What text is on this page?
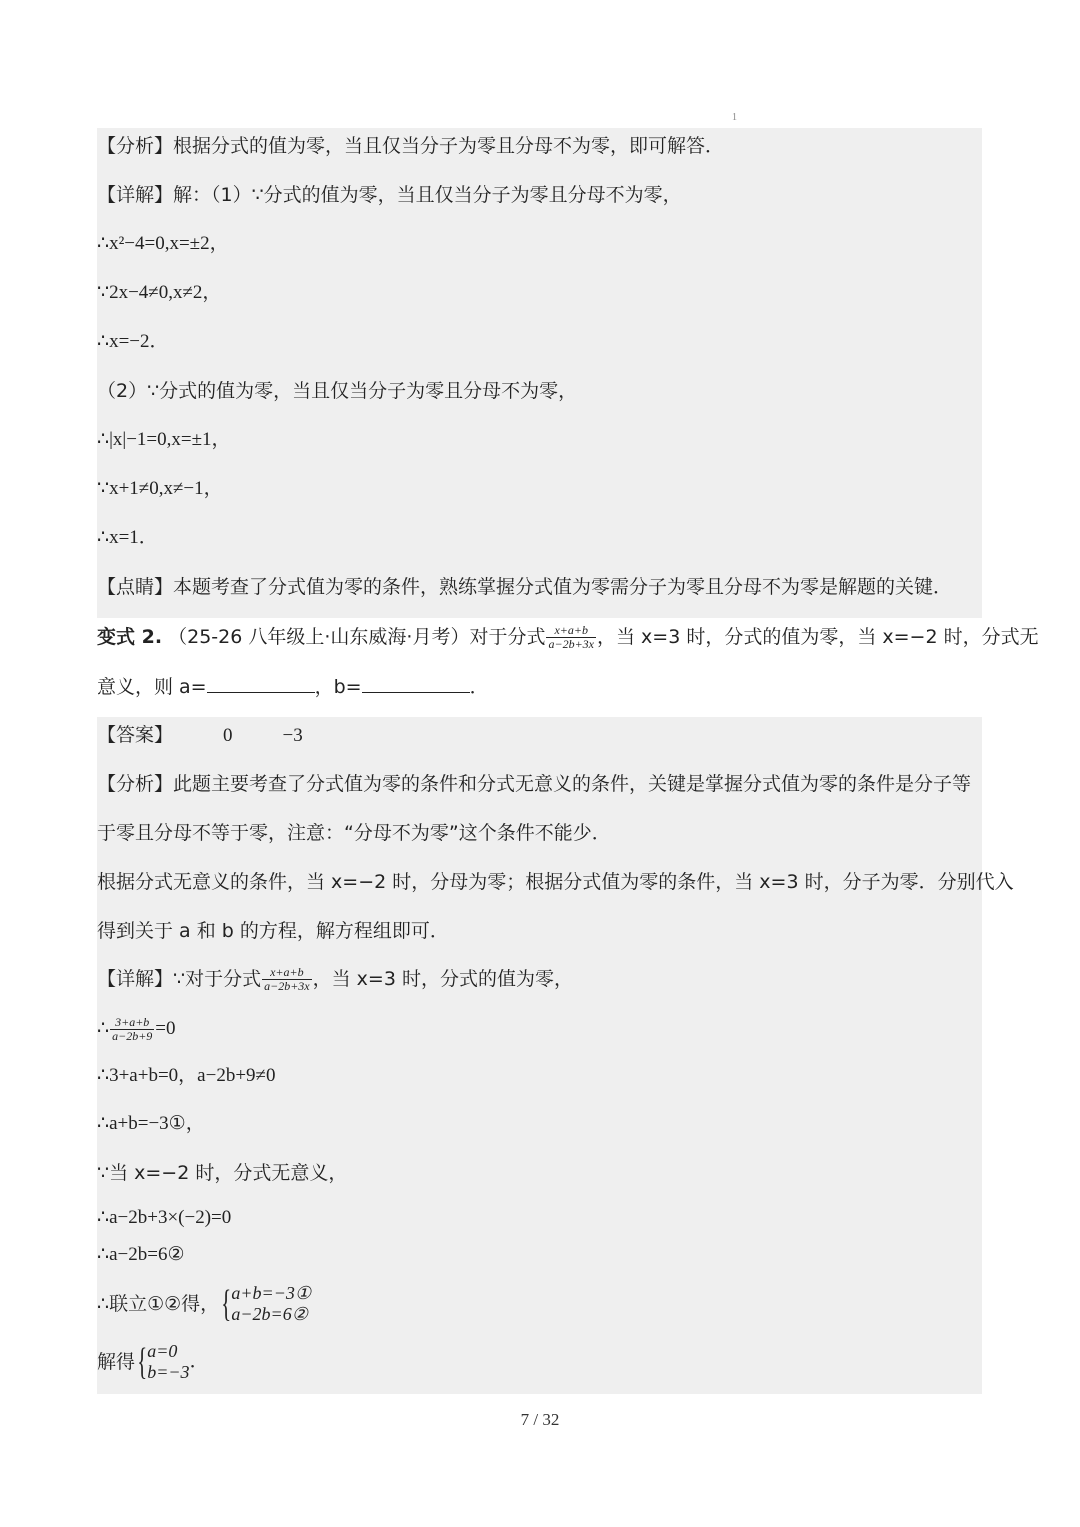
1
【分析】根据分式的值为零，当且仅当分子为零且分母不为零，即可解答．
【详解】解：（1）∵分式的值为零，当且仅当分子为零且分母不为零，
∴x²−4=0,x=±2，
∵2x−4≠0,x≠2，
∴x=−2．
（2）∵分式的值为零，当且仅当分子为零且分母不为零，
∴|x|−1=0,x=±1，
∵x+1≠0,x≠−1，
∴x=1．
【点睛】本题考查了分式值为零的条件，熟练掌握分式值为零需分子为零且分母不为零是解题的关键．
变式 2. （25-26 八年级上·山东威海·月考）对于分式 $\frac{x+a+b}{a-2b+3x}$ ，当 x=3 时，分式的值为零，当 x=−2 时，分式无
意义，则 a=	，b=	．
【答案】	0	−3
【分析】此题主要考查了分式值为零的条件和分式无意义的条件，关键是掌握分式值为零的条件是分子等
于零且分母不等于零，注意：“分母不为零”这个条件不能少．
根据分式无意义的条件，当 x=−2 时，分母为零；根据分式值为零的条件，当 x=3 时，分子为零．分别代入
得到关于 a 和 b 的方程，解方程组即可．
【详解】∵对于分式 $\frac{x+a+b}{a-2b+3x}$ ，当 x=3 时，分式的值为零，
∴ $\frac{3+a+b}{a-2b+9} =0$
∴3+a+b=0，a−2b+9≠0
∴a+b=−3①，
∵当 x=−2 时，分式无意义，
∴a−2b+3×(−2)=0
∴a−2b=6②
∴联立①②得，{ a+b=−3①
a−2b=6②
解得{ a=0
b=−3 ．
7 / 32
